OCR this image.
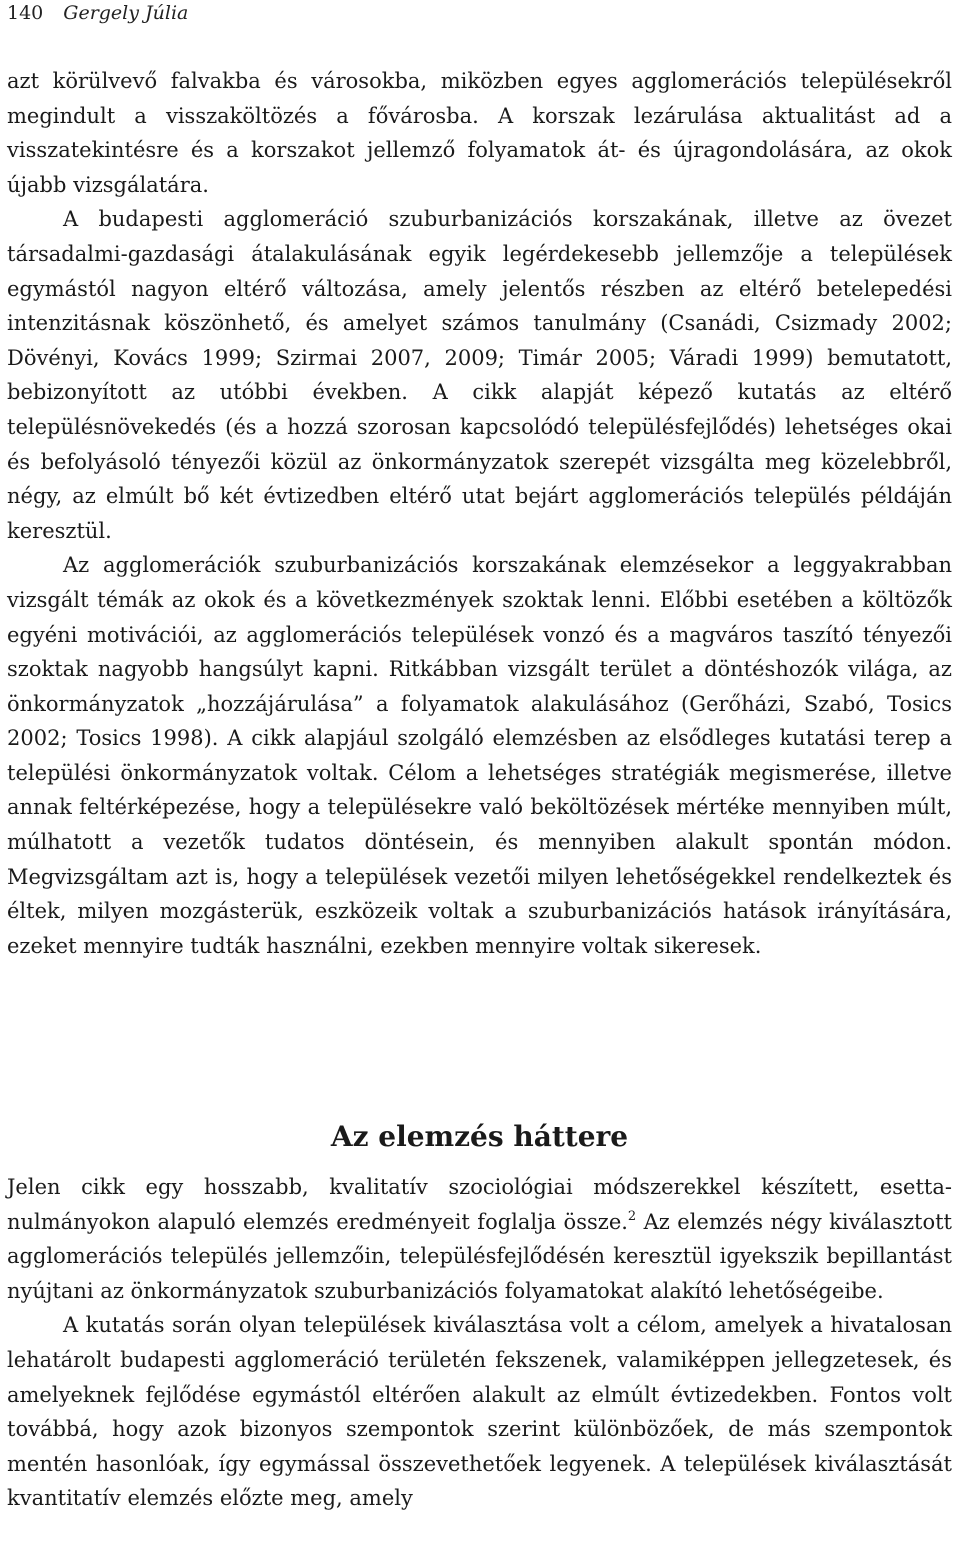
140 Gergely Júlia

azt körülvevő falvakba és városokba, miközben egyes agglomerációs településekről megindult a visszaköltözés a fővárosba. A korszak lezárulása aktualitást ad a visszatekintésre és a korszakot jellemző folyamatok át- és újragondolására, az okok újabb vizsgálatára.

A budapesti agglomeráció szuburbanizációs korszakának, illetve az övezet társadalmi-gazdasági átalakulásának egyik legérdekesebb jellemzője a települések egymástól nagyon eltérő változása, amely jelentős részben az eltérő betelepedési intenzitásnak köszönhető, és amelyet számos tanulmány (Csanádi, Csizmady 2002; Dövényi, Kovács 1999; Szirmai 2007, 2009; Timár 2005; Váradi 1999) bemutatott, bebizonyított az utóbbi években. A cikk alapját képező kutatás az eltérő településnövekedés (és a hozzá szorosan kapcsolódó településfejlődés) lehetséges okai és befolyásoló tényezői közül az önkormányzatok szerepét vizsgálta meg közelebbről, négy, az elmúlt bő két évtizedben eltérő utat bejárt agglomerációs település példáján keresztül.

Az agglomerációk szuburbanizációs korszakának elemzésekor a leggyakrabban vizsgált témák az okok és a következmények szoktak lenni. Előbbi esetében a költözők egyéni motivációi, az agglomerációs települések vonzó és a magváros taszító tényezői szoktak nagyobb hangsúlyt kapni. Ritkábban vizsgált terület a döntéshozók világa, az önkormányzatok „hozzájárulása” a folyamatok alakulásához (Gerőházi, Szabó, Tosics 2002; Tosics 1998). A cikk alapjául szolgáló elemzésben az elsődleges kutatási terep a települési önkormányzatok voltak. Célom a lehetséges stratégiák megismerése, illetve annak feltérképezése, hogy a településekre való beköltözések mértéke mennyiben múlt, múlhatott a vezetők tudatos döntésein, és mennyiben alakult spontán módon. Megvizsgáltam azt is, hogy a települések vezetői milyen lehetőségekkel rendelkeztek és éltek, milyen mozgásterük, eszközeik voltak a szuburbanizációs hatások irányítására, ezeket mennyire tudták használni, ezekben mennyire voltak sikeresek.

Az elemzés háttere

Jelen cikk egy hosszabb, kvalitatív szociológiai módszerekkel készített, esettanulmányokon alapuló elemzés eredményeit foglalja össze.$^2$ Az elemzés négy kiválasztott agglomerációs település jellemzőin, településfejlődésén keresztül igyekszik bepillantást nyújtani az önkormányzatok szuburbanizációs folyamatokat alakító lehetőségeibe.

A kutatás során olyan települések kiválasztása volt a célom, amelyek a hivatalosan lehatárolt budapesti agglomeráció területén fekszenek, valamiképpen jellegzetesek, és amelyeknek fejlődése egymástól eltérően alakult az elmúlt évtizedekben. Fontos volt továbbá, hogy azok bizonyos szempontok szerint különbözőek, de más szempontok mentén hasonlóak, így egymással összevethetőek legyenek. A települések kiválasztását kvantitatív elemzés előzte meg, amely
